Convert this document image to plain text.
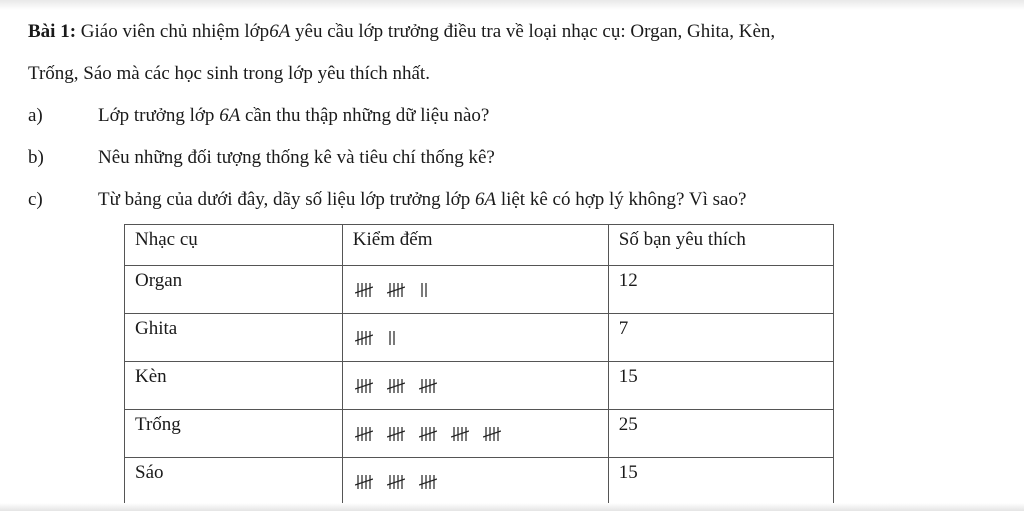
Bài 1: Giáo viên chủ nhiệm lớp6A yêu cầu lớp trưởng điều tra về loại nhạc cụ: Organ, Ghita, Kèn,
Trống, Sáo mà các học sinh trong lớp yêu thích nhất.
a)	Lớp trưởng lớp 6A cần thu thập những dữ liệu nào?
b)	Nêu những đối tượng thống kê và tiêu chí thống kê?
c)	Từ bảng của dưới đây, dãy số liệu lớp trưởng lớp 6A liệt kê có hợp lý không? Vì sao?
Nhạc cụ	Kiểm đếm	Số bạn yêu thích
Organ		12
Ghita		7
Kèn		15
Trống		25
Sáo		15
